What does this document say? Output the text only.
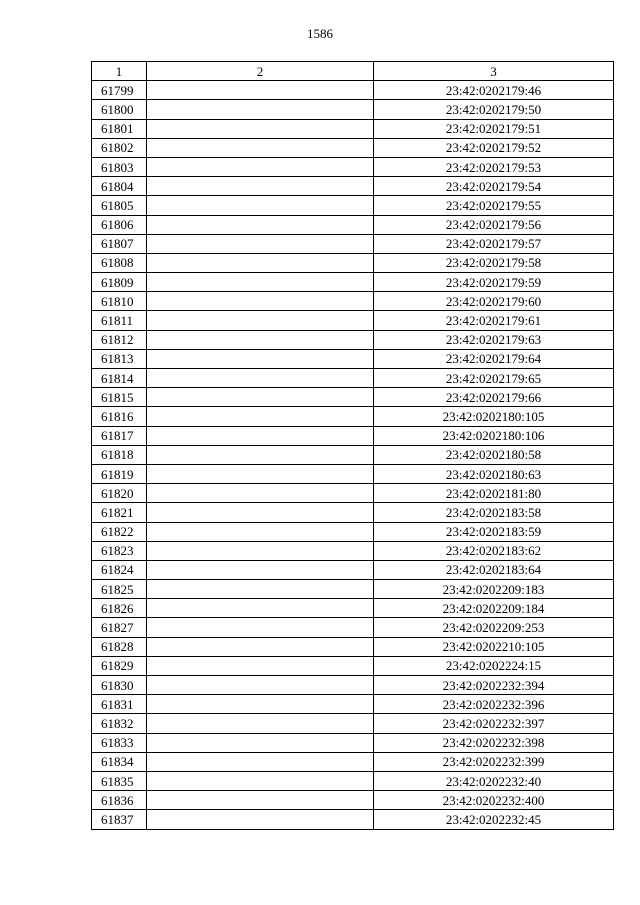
1586
1	2	3
61799		23:42:0202179:46
61800		23:42:0202179:50
61801		23:42:0202179:51
61802		23:42:0202179:52
61803		23:42:0202179:53
61804		23:42:0202179:54
61805		23:42:0202179:55
61806		23:42:0202179:56
61807		23:42:0202179:57
61808		23:42:0202179:58
61809		23:42:0202179:59
61810		23:42:0202179:60
61811		23:42:0202179:61
61812		23:42:0202179:63
61813		23:42:0202179:64
61814		23:42:0202179:65
61815		23:42:0202179:66
61816		23:42:0202180:105
61817		23:42:0202180:106
61818		23:42:0202180:58
61819		23:42:0202180:63
61820		23:42:0202181:80
61821		23:42:0202183:58
61822		23:42:0202183:59
61823		23:42:0202183:62
61824		23:42:0202183:64
61825		23:42:0202209:183
61826		23:42:0202209:184
61827		23:42:0202209:253
61828		23:42:0202210:105
61829		23:42:0202224:15
61830		23:42:0202232:394
61831		23:42:0202232:396
61832		23:42:0202232:397
61833		23:42:0202232:398
61834		23:42:0202232:399
61835		23:42:0202232:40
61836		23:42:0202232:400
61837		23:42:0202232:45
